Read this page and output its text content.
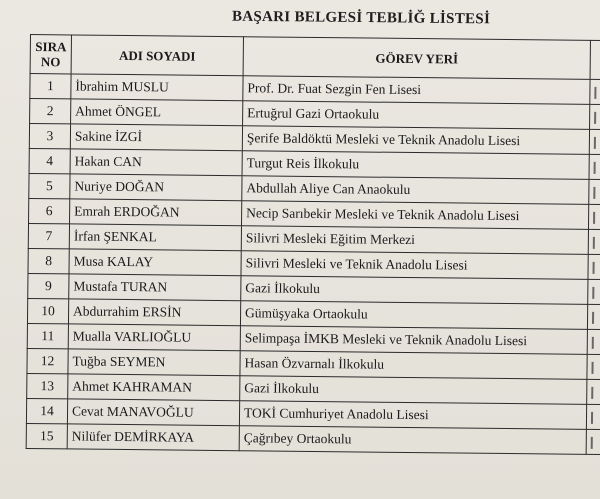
BAŞARI BELGESİ TEBLİĞ LİSTESİ
SIRA
NO	ADI SOYADI	GÖREV YERİ	
1	İbrahim MUSLU	Prof. Dr. Fuat Sezgin Fen Lisesi	
2	Ahmet ÖNGEL	Ertuğrul Gazi Ortaokulu	
3	Sakine İZGİ	Şerife Baldöktü Mesleki ve Teknik Anadolu Lisesi	
4	Hakan CAN	Turgut Reis İlkokulu	
5	Nuriye DOĞAN	Abdullah Aliye Can Anaokulu	
6	Emrah ERDOĞAN	Necip Sarıbekir Mesleki ve Teknik Anadolu Lisesi	
7	İrfan ŞENKAL	Silivri Mesleki Eğitim Merkezi	
8	Musa KALAY	Silivri Mesleki ve Teknik Anadolu Lisesi	
9	Mustafa TURAN	Gazi İlkokulu	
10	Abdurrahim ERSİN	Gümüşyaka Ortaokulu	
11	Mualla VARLIOĞLU	Selimpaşa İMKB Mesleki ve Teknik Anadolu Lisesi	
12	Tuğba SEYMEN	Hasan Özvarnalı İlkokulu	
13	Ahmet KAHRAMAN	Gazi İlkokulu	
14	Cevat MANAVOĞLU	TOKİ Cumhuriyet Anadolu Lisesi	
15	Nilüfer DEMİRKAYA	Çağrıbey Ortaokulu	
